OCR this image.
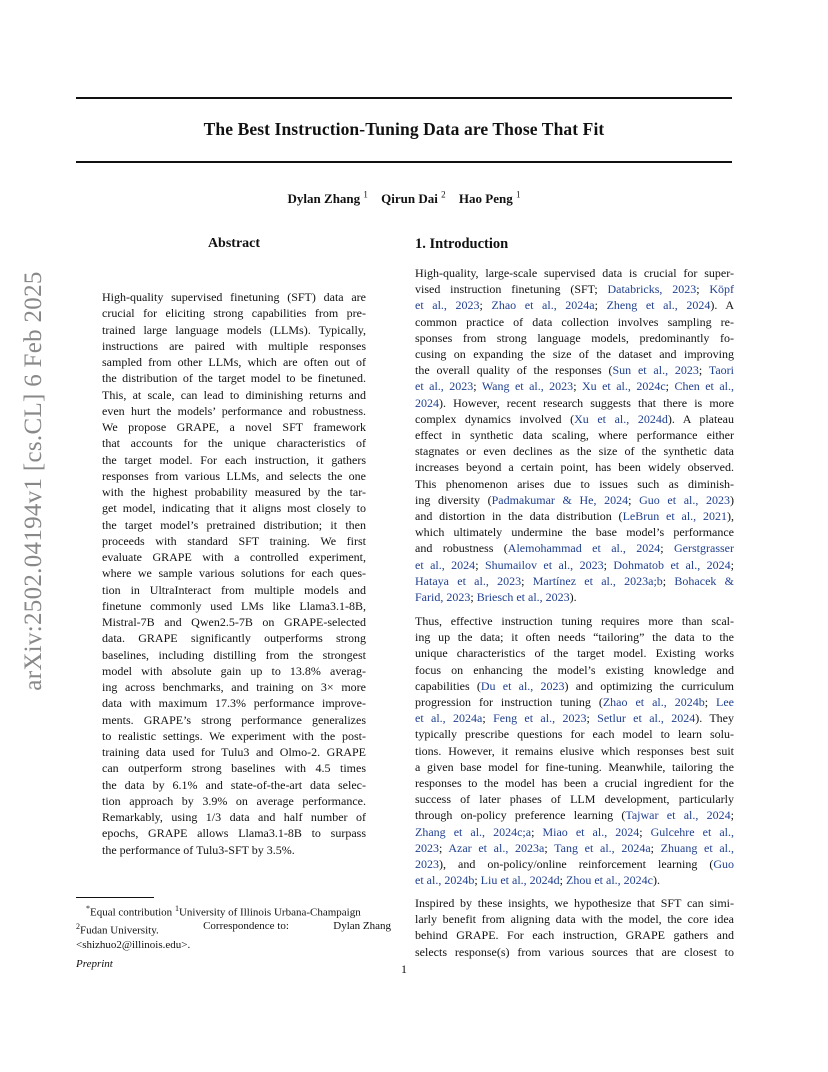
The Best Instruction-Tuning Data are Those That Fit
Dylan Zhang $^1$ Qirun Dai $^2$ Hao Peng $^1$
arXiv:2502.04194v1 [cs.CL] 6 Feb 2025
Abstract
High-quality supervised finetuning (SFT) data are
crucial for eliciting strong capabilities from pre-
trained large language models (LLMs). Typically,
instructions are paired with multiple responses
sampled from other LLMs, which are often out of
the distribution of the target model to be finetuned.
This, at scale, can lead to diminishing returns and
even hurt the models’ performance and robustness.
We propose GRAPE, a novel SFT framework
that accounts for the unique characteristics of
the target model. For each instruction, it gathers
responses from various LLMs, and selects the one
with the highest probability measured by the tar-
get model, indicating that it aligns most closely to
the target model’s pretrained distribution; it then
proceeds with standard SFT training. We first
evaluate GRAPE with a controlled experiment,
where we sample various solutions for each ques-
tion in UltraInteract from multiple models and
finetune commonly used LMs like Llama3.1-8B,
Mistral-7B and Qwen2.5-7B on GRAPE-selected
data. GRAPE significantly outperforms strong
baselines, including distilling from the strongest
model with absolute gain up to 13.8% averag-
ing across benchmarks, and training on 3× more
data with maximum 17.3% performance improve-
ments. GRAPE’s strong performance generalizes
to realistic settings. We experiment with the post-
training data used for Tulu3 and Olmo-2. GRAPE
can outperform strong baselines with 4.5 times
the data by 6.1% and state-of-the-art data selec-
tion approach by 3.9% on average performance.
Remarkably, using 1/3 data and half number of
epochs, GRAPE allows Llama3.1-8B to surpass
the performance of Tulu3-SFT by 3.5%.
1. Introduction
High-quality, large-scale supervised data is crucial for super-
vised instruction finetuning (SFT; Databricks, 2023; Köpf
et al., 2023; Zhao et al., 2024a; Zheng et al., 2024). A
common practice of data collection involves sampling re-
sponses from strong language models, predominantly fo-
cusing on expanding the size of the dataset and improving
the overall quality of the responses (Sun et al., 2023; Taori
et al., 2023; Wang et al., 2023; Xu et al., 2024c; Chen et al.,
2024). However, recent research suggests that there is more
complex dynamics involved (Xu et al., 2024d). A plateau
effect in synthetic data scaling, where performance either
stagnates or even declines as the size of the synthetic data
increases beyond a certain point, has been widely observed.
This phenomenon arises due to issues such as diminish-
ing diversity (Padmakumar & He, 2024; Guo et al., 2023)
and distortion in the data distribution (LeBrun et al., 2021),
which ultimately undermine the base model’s performance
and robustness (Alemohammad et al., 2024; Gerstgrasser
et al., 2024; Shumailov et al., 2023; Dohmatob et al., 2024;
Hataya et al., 2023; Martínez et al., 2023a;b; Bohacek &
Farid, 2023; Briesch et al., 2023).
Thus, effective instruction tuning requires more than scal-
ing up the data; it often needs “tailoring” the data to the
unique characteristics of the target model. Existing works
focus on enhancing the model’s existing knowledge and
capabilities (Du et al., 2023) and optimizing the curriculum
progression for instruction tuning (Zhao et al., 2024b; Lee
et al., 2024a; Feng et al., 2023; Setlur et al., 2024). They
typically prescribe questions for each model to learn solu-
tions. However, it remains elusive which responses best suit
a given base model for fine-tuning. Meanwhile, tailoring the
responses to the model has been a crucial ingredient for the
success of later phases of LLM development, particularly
through on-policy preference learning (Tajwar et al., 2024;
Zhang et al., 2024c;a; Miao et al., 2024; Gulcehre et al.,
2023; Azar et al., 2023a; Tang et al., 2024a; Zhuang et al.,
2023), and on-policy/online reinforcement learning (Guo
et al., 2024b; Liu et al., 2024d; Zhou et al., 2024c).
Inspired by these insights, we hypothesize that SFT can simi-
larly benefit from aligning data with the model, the core idea
behind GRAPE. For each instruction, GRAPE gathers and
selects response(s) from various sources that are closest to
*Equal contribution $^1$University of Illinois Urbana-Champaign
$^2$Fudan University.	Correspondence to:	Dylan Zhang
<shizhuo2@illinois.edu>.
Preprint	1
